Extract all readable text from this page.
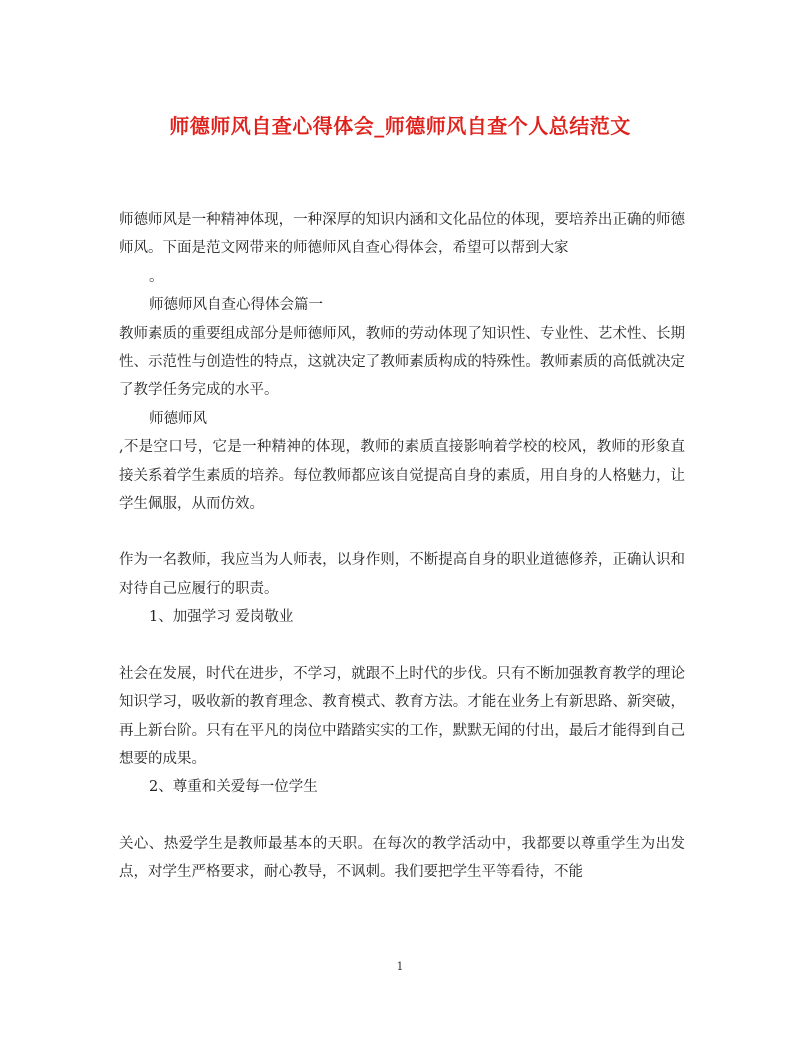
师德师风自查心得体会_师德师风自查个人总结范文

师德师风是一种精神体现，一种深厚的知识内涵和文化品位的体现，要培养出正确的师德师风。下面是范文网带来的师德师风自查心得体会，希望可以帮到大家

。

师德师风自查心得体会篇一

教师素质的重要组成部分是师德师风，教师的劳动体现了知识性、专业性、艺术性、长期性、示范性与创造性的特点，这就决定了教师素质构成的特殊性。教师素质的高低就决定了教学任务完成的水平。

师德师风

,不是空口号，它是一种精神的体现，教师的素质直接影响着学校的校风，教师的形象直接关系着学生素质的培养。每位教师都应该自觉提高自身的素质，用自身的人格魅力，让学生佩服，从而仿效。

作为一名教师，我应当为人师表，以身作则，不断提高自身的职业道德修养，正确认识和对待自己应履行的职责。

1、加强学习 爱岗敬业

社会在发展，时代在进步，不学习，就跟不上时代的步伐。只有不断加强教育教学的理论知识学习，吸收新的教育理念、教育模式、教育方法。才能在业务上有新思路、新突破，再上新台阶。只有在平凡的岗位中踏踏实实的工作，默默无闻的付出，最后才能得到自己想要的成果。

2、尊重和关爱每一位学生

关心、热爱学生是教师最基本的天职。在每次的教学活动中，我都要以尊重学生为出发点，对学生严格要求，耐心教导，不讽刺。我们要把学生平等看待，不能

1
